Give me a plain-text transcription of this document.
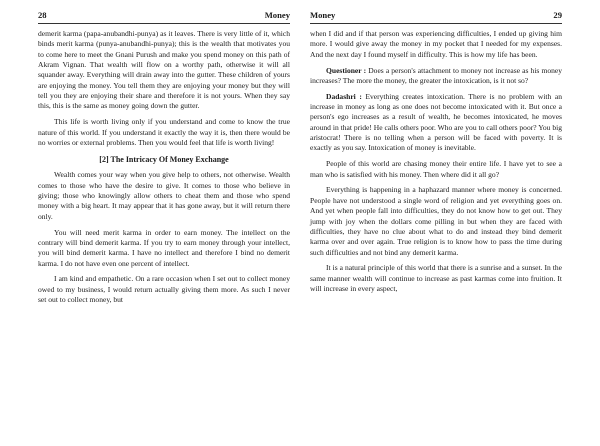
28	Money

demerit karma (papa-anubandhi-punya) as it leaves. There is very little of it, which binds merit karma (punya-anubandhi-punya); this is the wealth that motivates you to come here to meet the Gnani Purush and make you spend money on this path of Akram Vignan. That wealth will flow on a worthy path, otherwise it will all squander away. Everything will drain away into the gutter. These children of yours are enjoying the money. You tell them they are enjoying your money but they will tell you they are enjoying their share and therefore it is not yours. When they say this, this is the same as money going down the gutter.

This life is worth living only if you understand and come to know the true nature of this world. If you understand it exactly the way it is, then there would be no worries or external problems. Then you would feel that life is worth living!

[2] The Intricacy Of Money Exchange

Wealth comes your way when you give help to others, not otherwise. Wealth comes to those who have the desire to give. It comes to those who believe in giving; those who knowingly allow others to cheat them and those who spend money with a big heart. It may appear that it has gone away, but it will return there only.

You will need merit karma in order to earn money. The intellect on the contrary will bind demerit karma. If you try to earn money through your intellect, you will bind demerit karma. I have no intellect and therefore I bind no demerit karma. I do not have even one percent of intellect.

I am kind and empathetic. On a rare occasion when I set out to collect money owed to my business, I would return actually giving them more. As such I never set out to collect money, but

Money	29

when I did and if that person was experiencing difficulties, I ended up giving him more. I would give away the money in my pocket that I needed for my expenses. And the next day I found myself in difficulty. This is how my life has been.

Questioner : Does a person's attachment to money not increase as his money increases? The more the money, the greater the intoxication, is it not so?

Dadashri : Everything creates intoxication. There is no problem with an increase in money as long as one does not become intoxicated with it. But once a person's ego increases as a result of wealth, he becomes intoxicated, he moves around in that pride! He calls others poor. Who are you to call others poor? You big aristocrat! There is no telling when a person will be faced with poverty. It is exactly as you say. Intoxication of money is inevitable.

People of this world are chasing money their entire life. I have yet to see a man who is satisfied with his money. Then where did it all go?

Everything is happening in a haphazard manner where money is concerned. People have not understood a single word of religion and yet everything goes on. And yet when people fall into difficulties, they do not know how to get out. They jump with joy when the dollars come pilling in but when they are faced with difficulties, they have no clue about what to do and instead they bind demerit karma over and over again. True religion is to know how to pass the time during such difficulties and not bind any demerit karma.

It is a natural principle of this world that there is a sunrise and a sunset. In the same manner wealth will continue to increase as past karmas come into fruition. It will increase in every aspect,
